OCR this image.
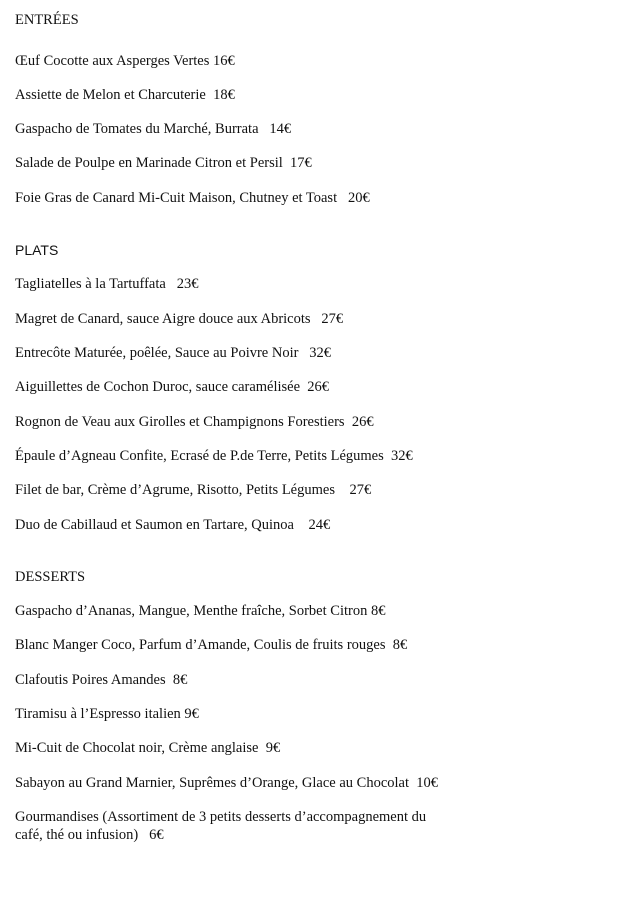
ENTRÉES

Œuf Cocotte aux Asperges Vertes 16€

Assiette de Melon et Charcuterie  18€

Gaspacho de Tomates du Marché, Burrata   14€

Salade de Poulpe en Marinade Citron et Persil  17€

Foie Gras de Canard Mi-Cuit Maison, Chutney et Toast   20€

PLATS

Tagliatelles à la Tartuffata   23€

Magret de Canard, sauce Aigre douce aux Abricots   27€

Entrecôte Maturée, poêlée, Sauce au Poivre Noir   32€

Aiguillettes de Cochon Duroc, sauce caramélisée  26€

Rognon de Veau aux Girolles et Champignons Forestiers  26€

Épaule d’Agneau Confite, Ecrasé de P.de Terre, Petits Légumes  32€

Filet de bar, Crème d’Agrume, Risotto, Petits Légumes    27€

Duo de Cabillaud et Saumon en Tartare, Quinoa    24€

DESSERTS

Gaspacho d’Ananas, Mangue, Menthe fraîche, Sorbet Citron 8€

Blanc Manger Coco, Parfum d’Amande, Coulis de fruits rouges  8€

Clafoutis Poires Amandes  8€

Tiramisu à l’Espresso italien 9€

Mi-Cuit de Chocolat noir, Crème anglaise  9€

Sabayon au Grand Marnier, Suprêmes d’Orange, Glace au Chocolat  10€

Gourmandises (Assortiment de 3 petits desserts d’accompagnement du café, thé ou infusion)   6€
